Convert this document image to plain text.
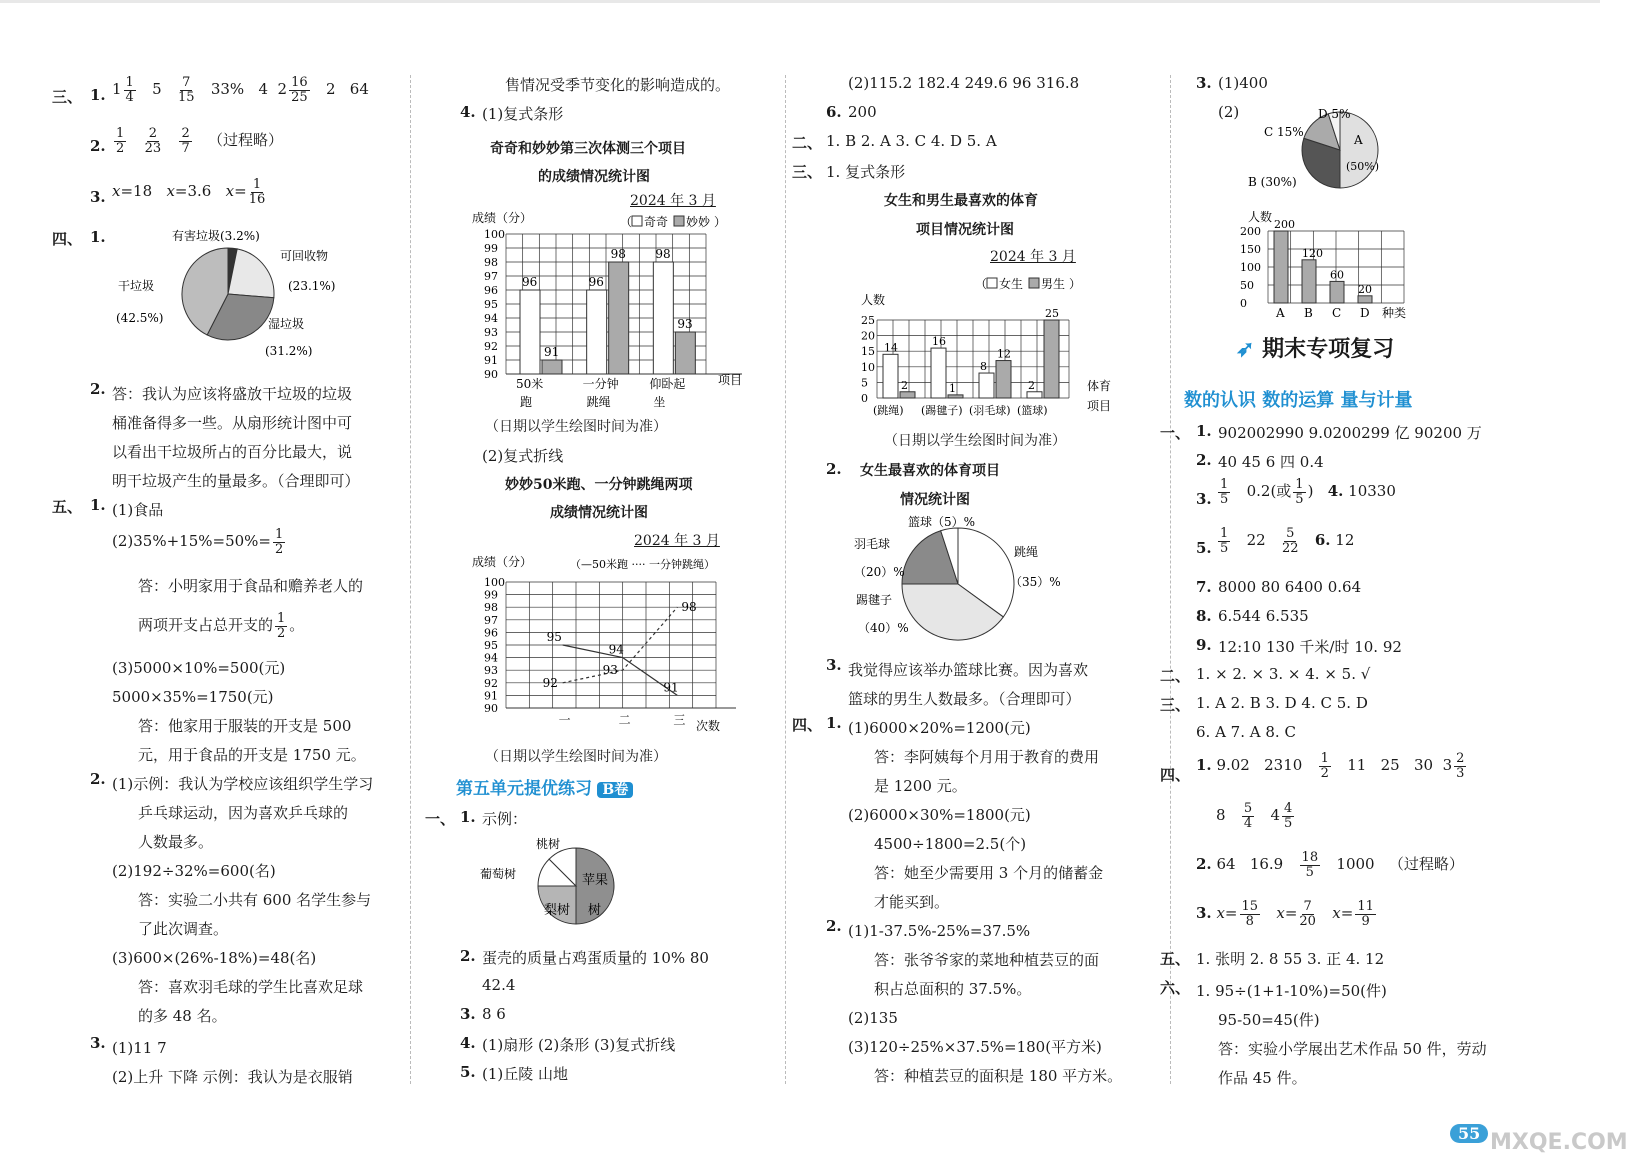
三、 1. $1 \frac{1}{4} 5 \frac{7}{15} 33\%$   4  $2 \frac{16}{25} 2$   64
2. $\frac{1}{2}$
$\frac{2}{23}$
$\frac{2}{7}$ （过程略）
3. x=18   x=3.6   $x= \frac{1}{16}$
四、 1.	有害垃圾(3.2%)
可回收物
(23.1%)
干垃圾
(42.5%)	湿垃圾
(31.2%)
2. 答：我认为应该将盛放干垃圾的垃圾
桶准备得多一些。从扇形统计图中可
以看出干垃圾所占的百分比最大，说
明干垃圾产生的量最多。（合理即可）
五、 1. (1)食品
$(2)35\%+15\%=50\%= \frac{1}{2}$
答：小明家用于食品和赡养老人的
两项开支占总开支的 $\frac{1}{2}$ 。
(3)5000×10%=500(元)
5000×35%=1750(元)
答：他家用于服装的开支是 500
元，用于食品的开支是 1750 元。
2. (1)示例：我认为学校应该组织学生学习
乒乓球运动，因为喜欢乒乓球的
人数最多。
(2)192÷32%=600(名)
答：实验二小共有 600 名学生参与
了此次调查。
(3)600×(26%-18%)=48(名)
答：喜欢羽毛球的学生比喜欢足球
的多 48 名。
3. (1)11 7
(2)上升 下降 示例：我认为是衣服销
售情况受季节变化的影响造成的。
4. (1)复式条形
奇奇和妙妙第三次体测三个项目
的成绩情况统计图
2024 年 3 月
成绩（分）	（ 奇奇 妙妙 ）
90
91
92
93
94
95
96
97
98
99
100
96
91
50米
跑
96
98
一分钟
跳绳
98
93
仰卧起
坐
项目
（日期以学生绘图时间为准）
(2)复式折线
妙妙50米跑、一分钟跳绳两项
成绩情况统计图
2024 年 3 月
成绩（分）	（—50米跑 ···· 一分钟跳绳）
90
91
92
93
94
95
96
97
98
99
100
95
94
91
92
93
98
一	二	三 次数
（日期以学生绘图时间为准）
第五单元提优练习 B卷
一、 1. 示例：
葡萄树
桃树
苹果
树
梨树
2. 蛋壳的质量占鸡蛋质量的 10% 80
42.4
3. 8 6
4. (1)扇形 (2)条形 (3)复式折线
5. (1)丘陵 山地
(2)115.2 182.4 249.6 96 316.8
6. 200
二、 1. B 2. A 3. C 4. D 5. A
三、 1. 复式条形
女生和男生最喜欢的体育
项目情况统计图
2024 年 3 月
（ 女生 男生 ）
人数
0
5
10
15
20
25
14
2
(跳绳)
16
1
(踢毽子)
8
12
(羽毛球)
2
25
(篮球)
体育
项目
（日期以学生绘图时间为准）
2. 女生最喜欢的体育项目
情况统计图
篮球（5）%
羽毛球
（20）%
跳绳
（35）%
踢毽子
（40）%
3. 我觉得应该举办篮球比赛。因为喜欢
篮球的男生人数最多。（合理即可）
四、 1. (1)6000×20%=1200(元)
答：李阿姨每个月用于教育的费用
是 1200 元。
(2)6000×30%=1800(元)
4500÷1800=2.5(个)
答：她至少需要用 3 个月的储蓄金
才能买到。
2. (1)1-37.5%-25%=37.5%
答：张爷爷家的菜地种植芸豆的面
积占总面积的 37.5%。
(2)135
(3)120÷25%×37.5%=180(平方米)
答：种植芸豆的面积是 180 平方米。
3. (1)400
(2)	D 5%
C 15%
A
(50%)
B (30%)
人数
0
50
100
150
200
200
A
120
B
60
C
20
D 种类
➶ 期末专项复习
数的认识 数的运算 量与计量
一、 1. 902002990 9.0200299 亿 90200 万
2. 40 45 6 四 0.4
3. $\frac{1}{5} 0.2$(或 $\frac{1}{5}$ )   4. 10330
5. $\frac{1}{5} 22 \frac{5}{22} 6$. 12
7. 8000 80 6400 0.64
8. 6.544 6.535
9. 12:10 130 千米/时 10. 92
二、 1. × 2. × 3. × 4. × 5. √
三、 1. A 2. B 3. D 4. C 5. D
6. A 7. A 8. C
四、
1. 9.02   $2310 \frac{1}{2} 11$   25   30  $3 \frac{2}{3}$
$8 \frac{5}{4} 4 \frac{4}{5}$
2. 64   $16.9 \frac{18}{5} 1000$   （过程略）
3. $x= \frac{15}{8} x= \frac{7}{20} x= \frac{11}{9}$
五、 1. 张明 2. 8 55 3. 正 4. 12
六、 1. 95÷(1+1-10%)=50(件)
95-50=45(件)
答：实验小学展出艺术作品 50 件，劳动
作品 45 件。
55 MXQE.COM
